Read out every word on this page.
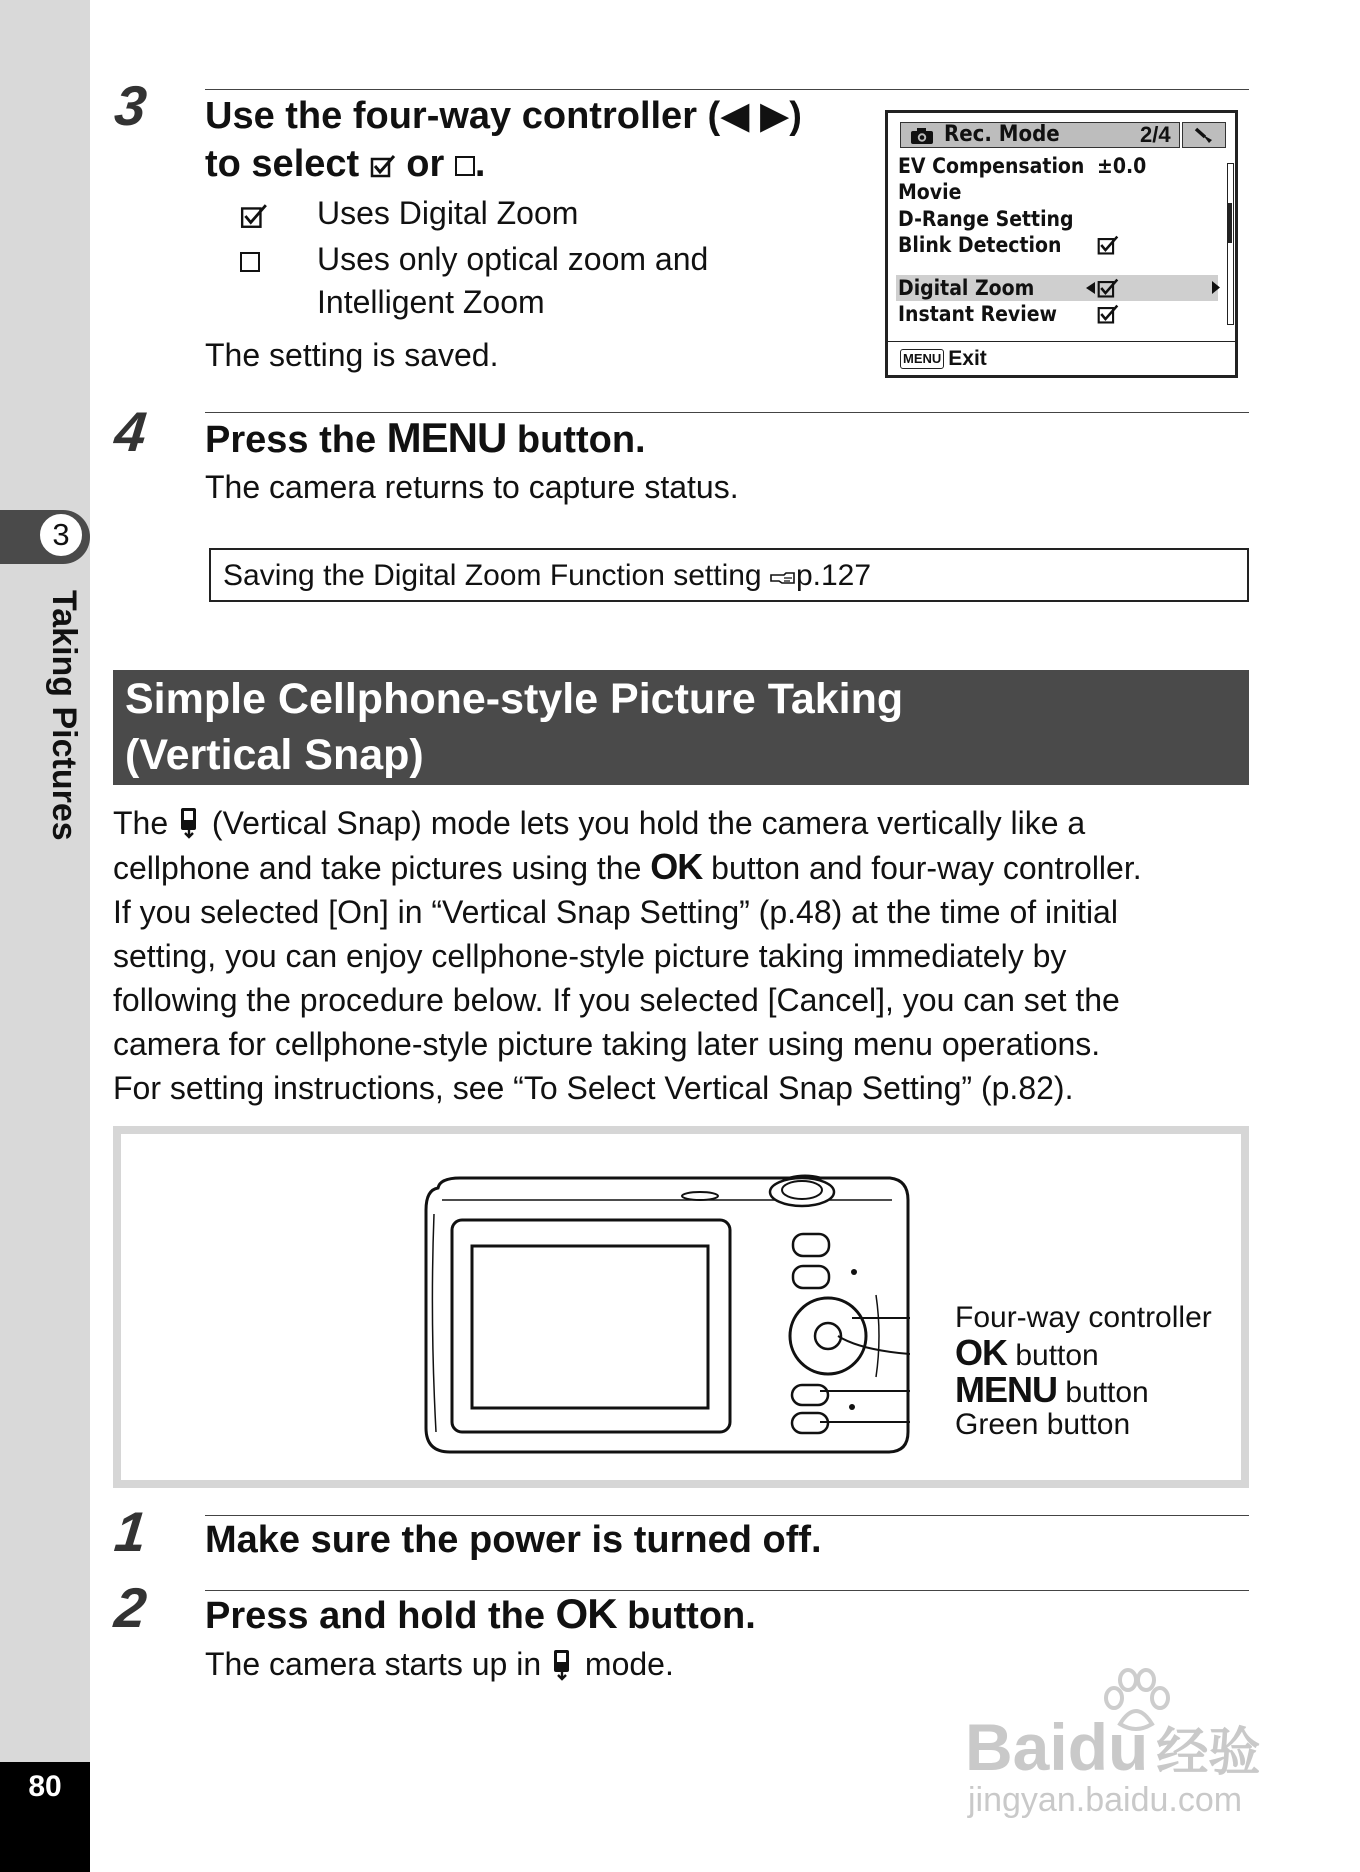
3
Taking Pictures
80
3 Use the four-way controller (◀ ▶)
to select  or .
Uses Digital Zoom
Uses only optical zoom and
Intelligent Zoom
The setting is saved.
Rec. Mode	2/4
EV Compensation ±0.0
Movie
D-Range Setting
Blink Detection
Digital Zoom
Instant Review
MENU Exit
4 Press the MENU button.
The camera returns to capture status.
Saving the Digital Zoom Function setting p.127
Simple Cellphone-style Picture Taking
(Vertical Snap)
The  (Vertical Snap) mode lets you hold the camera vertically like a
cellphone and take pictures using the OK button and four-way controller.
If you selected [On] in “Vertical Snap Setting” (p.48) at the time of initial
setting, you can enjoy cellphone-style picture taking immediately by
following the procedure below. If you selected [Cancel], you can set the
camera for cellphone-style picture taking later using menu operations.
For setting instructions, see “To Select Vertical Snap Setting” (p.82).
Four-way controller
OK button
MENU button
Green button
1 Make sure the power is turned off.
2 Press and hold the OK button.
The camera starts up in  mode.
Baidu 经验
jingyan.baidu.com
